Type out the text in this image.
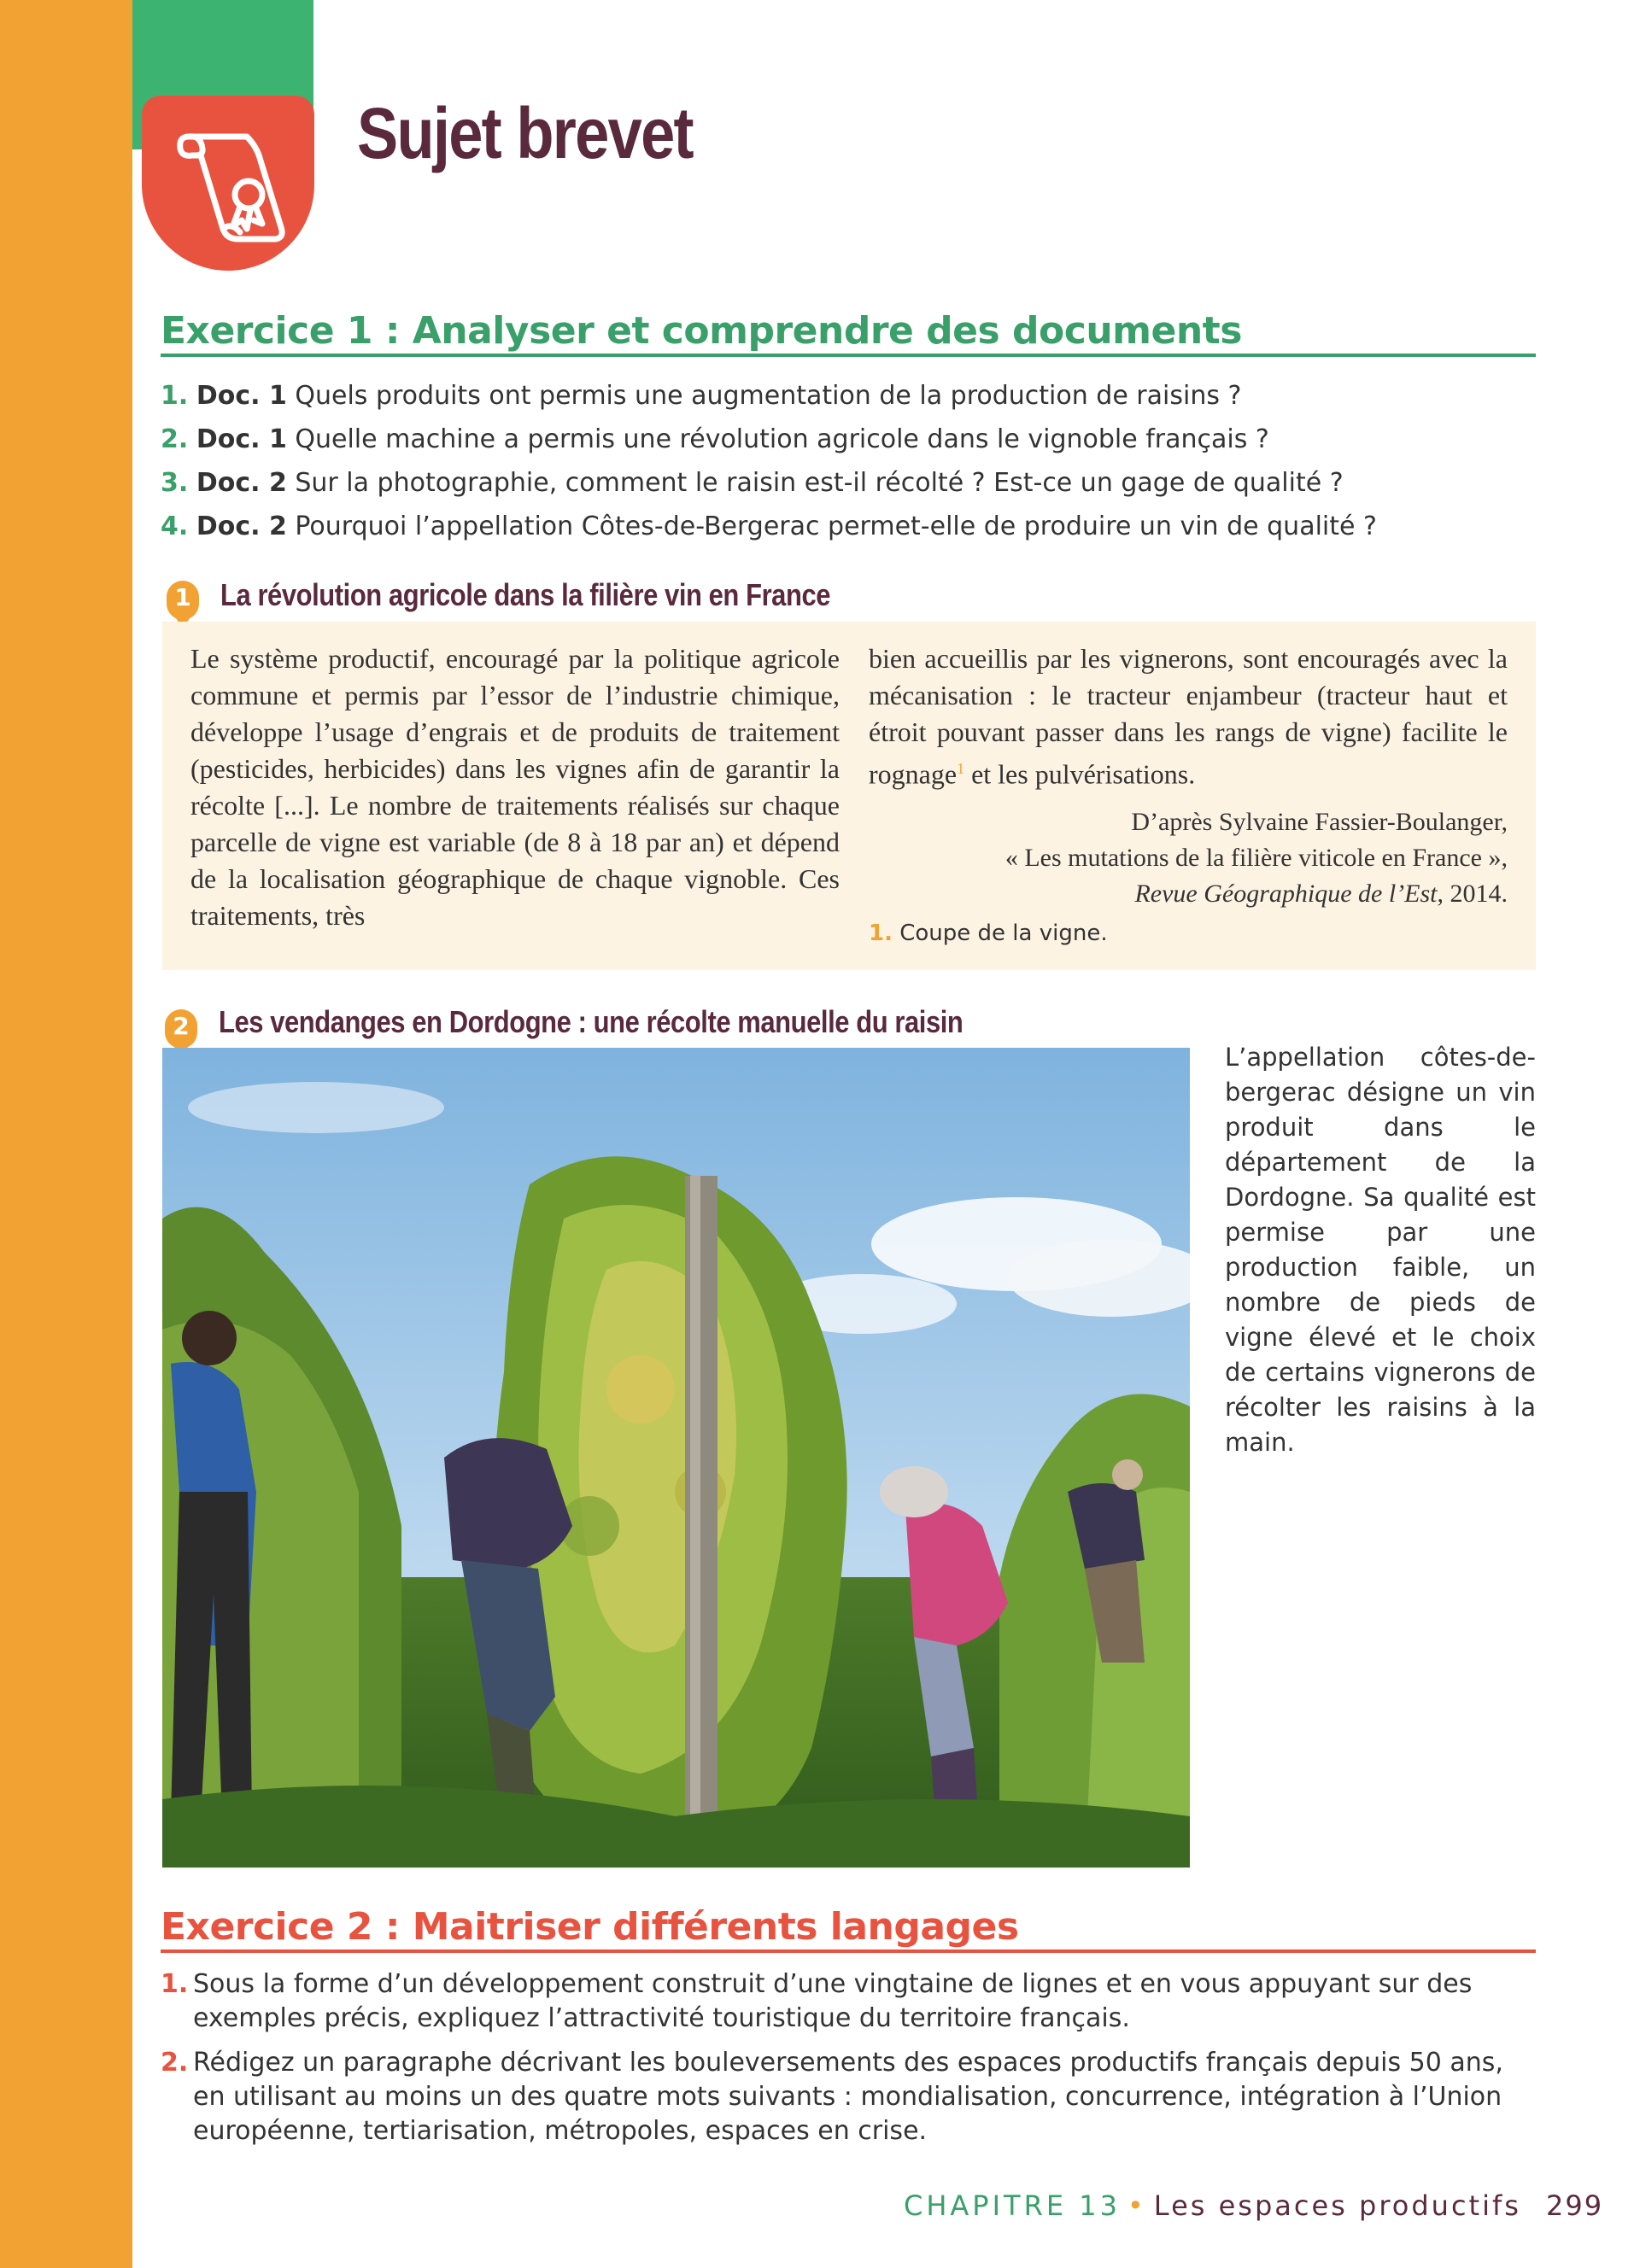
Sujet brevet
Exercice 1 : Analyser et comprendre des documents
1. Doc. 1 Quels produits ont permis une augmentation de la production de raisins ?
2. Doc. 1 Quelle machine a permis une révolution agricole dans le vignoble français ?
3. Doc. 2 Sur la photographie, comment le raisin est-il récolté ? Est-ce un gage de qualité ?
4. Doc. 2 Pourquoi l’appellation Côtes-de-Bergerac permet-elle de produire un vin de qualité ?
1 La révolution agricole dans la filière vin en France

Le système productif, encouragé par la politique agricole commune et permis par l’essor de l’industrie chimique, développe l’usage d’engrais et de produits de traitement (pesticides, herbicides) dans les vignes afin de garantir la récolte [...]. Le nombre de traitements réalisés sur chaque parcelle de vigne est variable (de 8 à 18 par an) et dépend de la localisation géographique de chaque vignoble. Ces traitements, très

bien accueillis par les vignerons, sont encouragés avec la mécanisation : le tracteur enjambeur (tracteur haut et étroit pouvant passer dans les rangs de vigne) facilite le rognage$^1$ et les pulvérisations.

D’après Sylvaine Fassier-Boulanger,
« Les mutations de la filière viticole en France »,
Revue Géographique de l’Est, 2014.
1. Coupe de la vigne.
2 Les vendanges en Dordogne : une récolte manuelle du raisin

L’appellation côtes-de-bergerac désigne un vin produit dans le département de la Dordogne. Sa qualité est permise par une production faible, un nombre de pieds de vigne élevé et le choix de certains vignerons de récolter les raisins à la main.

Exercice 2 : Maitriser différents langages
1. Sous la forme d’un développement construit d’une vingtaine de lignes et en vous appuyant sur des exemples précis, expliquez l’attractivité touristique du territoire français.
2. Rédigez un paragraphe décrivant les bouleversements des espaces productifs français depuis 50 ans, en utilisant au moins un des quatre mots suivants : mondialisation, concurrence, intégration à l’Union européenne, tertiarisation, métropoles, espaces en crise.
CHAPITRE 13 • Les espaces productifs 299
